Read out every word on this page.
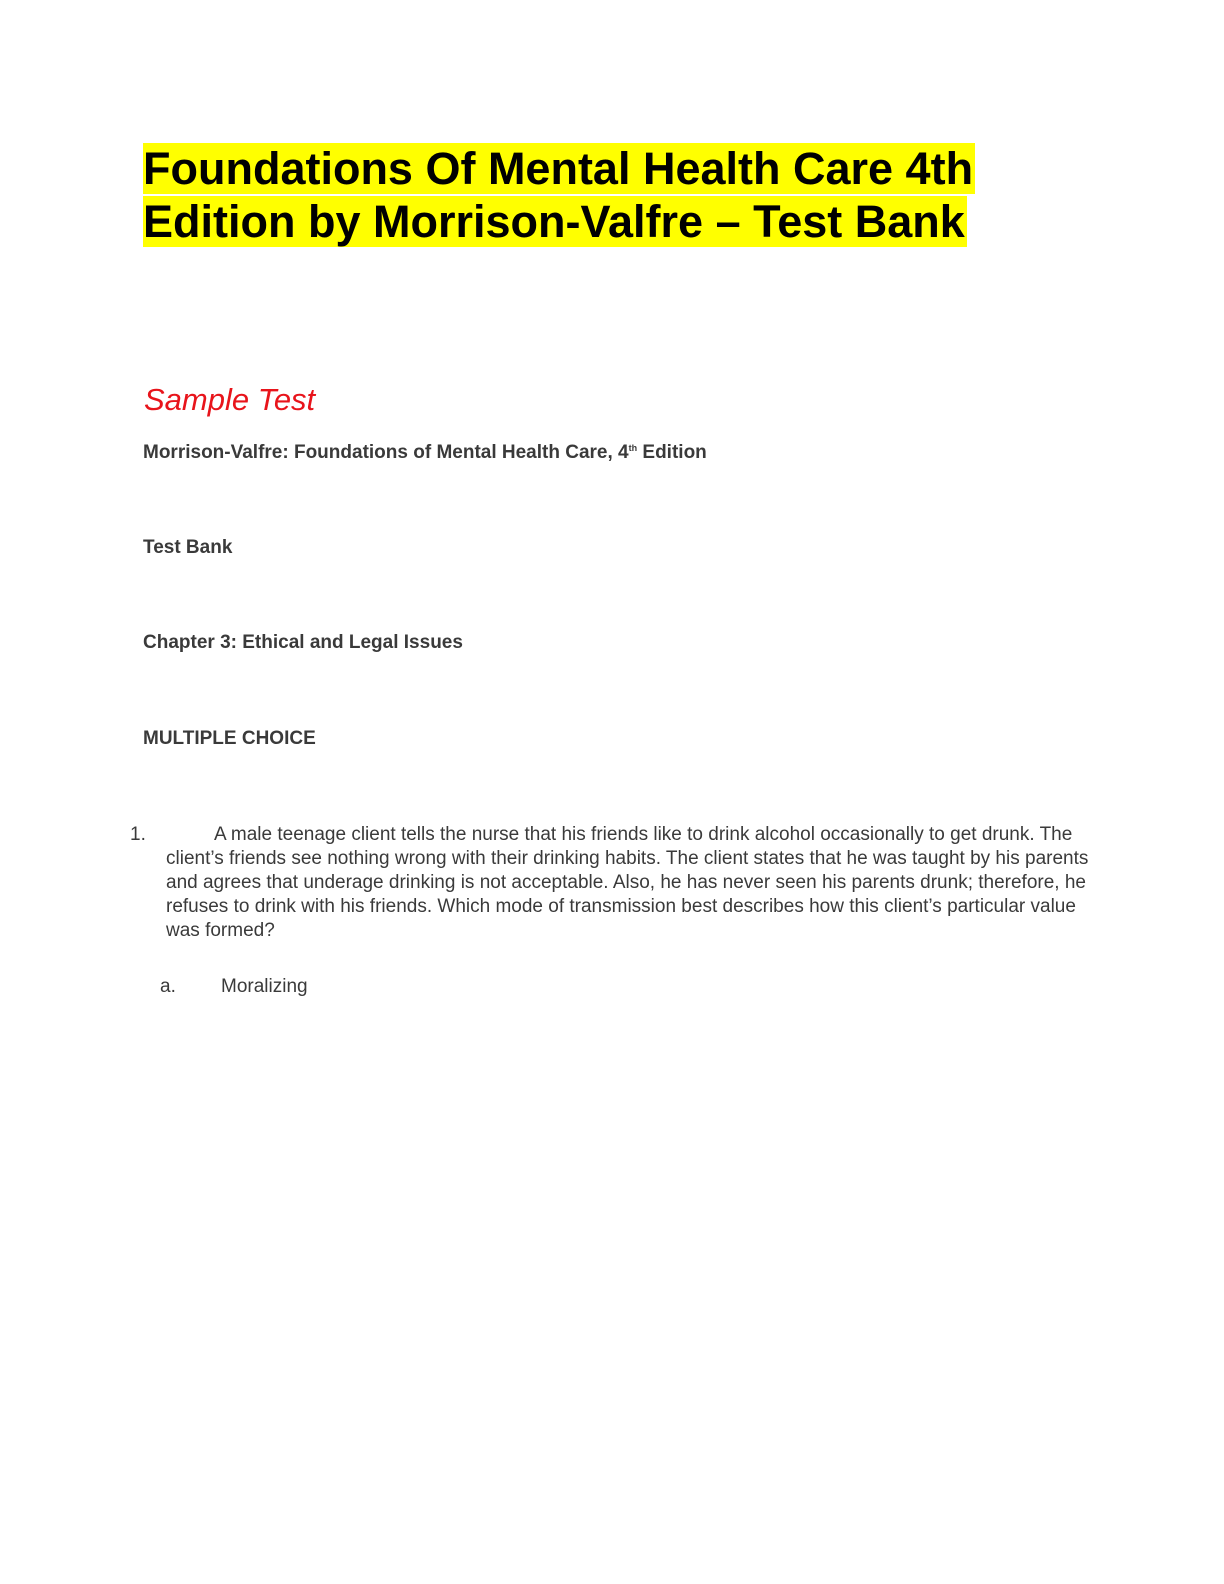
Foundations Of Mental Health Care 4th
Edition by Morrison-Valfre – Test Bank
Sample Test

Morrison-Valfre: Foundations of Mental Health Care, 4th Edition

Test Bank

Chapter 3: Ethical and Legal Issues

MULTIPLE CHOICE

1.	A male teenage client tells the nurse that his friends like to drink alcohol occasionally to get drunk. The client’s friends see nothing wrong with their drinking habits. The client states that he was taught by his parents and agrees that underage drinking is not acceptable. Also, he has never seen his parents drunk; therefore, he refuses to drink with his friends. Which mode of transmission best describes how this client’s particular value was formed?

a. Moralizing
